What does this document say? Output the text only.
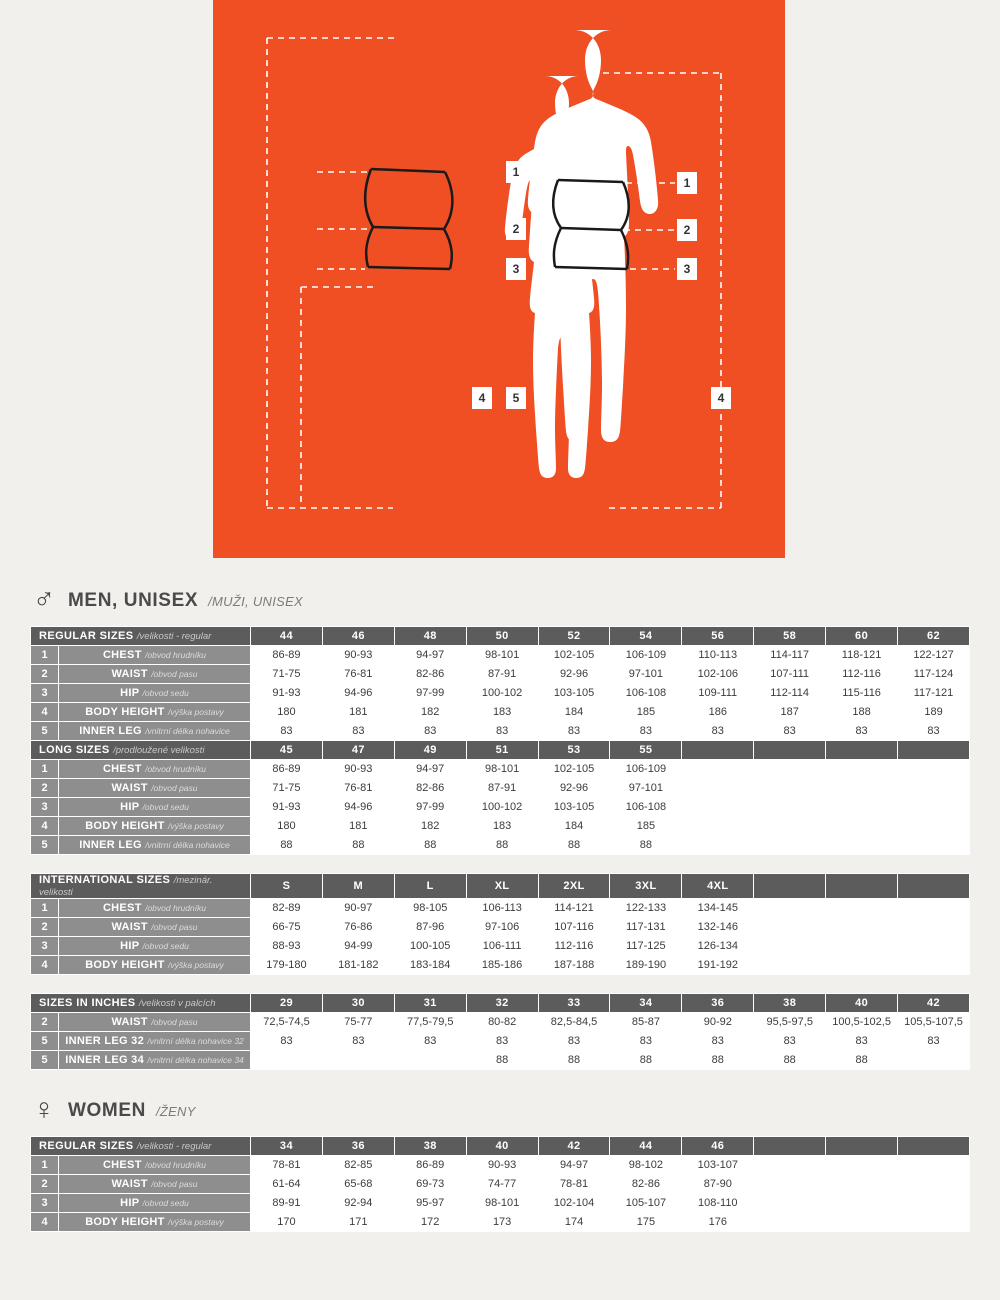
1
2
3
4	5
1
2
3
4
♂ MEN, UNISEX /MUŽI, UNISEX
REGULAR SIZES /velikosti - regular		44	46	48	50	52	54	56	58	60	62
1	CHEST /obvod hrudníku	86-89	90-93	94-97	98-101	102-105	106-109	110-113	114-117	118-121	122-127
2	WAIST /obvod pasu	71-75	76-81	82-86	87-91	92-96	97-101	102-106	107-111	112-116	117-124
3	HIP /obvod sedu	91-93	94-96	97-99	100-102	103-105	106-108	109-111	112-114	115-116	117-121
4	BODY HEIGHT /výška postavy	180	181	182	183	184	185	186	187	188	189
5	INNER LEG /vnitrní délka nohavice	83	83	83	83	83	83	83	83	83	83
LONG SIZES /prodloužené velikosti		45	47	49	51	53	55				
1	CHEST /obvod hrudníku	86-89	90-93	94-97	98-101	102-105	106-109				
2	WAIST /obvod pasu	71-75	76-81	82-86	87-91	92-96	97-101				
3	HIP /obvod sedu	91-93	94-96	97-99	100-102	103-105	106-108				
4	BODY HEIGHT /výška postavy	180	181	182	183	184	185				
5	INNER LEG /vnitrní délka nohavice	88	88	88	88	88	88				
INTERNATIONAL SIZES /mezinár. velikosti		S	M	L	XL	2XL	3XL	4XL			
1	CHEST /obvod hrudníku	82-89	90-97	98-105	106-113	114-121	122-133	134-145			
2	WAIST /obvod pasu	66-75	76-86	87-96	97-106	107-116	117-131	132-146			
3	HIP /obvod sedu	88-93	94-99	100-105	106-111	112-116	117-125	126-134			
4	BODY HEIGHT /výška postavy	179-180	181-182	183-184	185-186	187-188	189-190	191-192			
SIZES IN INCHES /velikosti v palcích		29	30	31	32	33	34	36	38	40	42
2	WAIST /obvod pasu	72,5-74,5	75-77	77,5-79,5	80-82	82,5-84,5	85-87	90-92	95,5-97,5	100,5-102,5	105,5-107,5
5	INNER LEG 32 /vnitrní délka nohavice 32	83	83	83	83	83	83	83	83	83	83
5	INNER LEG 34 /vnitrní délka nohavice 34				88	88	88	88	88	88	
♀ WOMEN /ŽENY
REGULAR SIZES /velikosti - regular		34	36	38	40	42	44	46			
1	CHEST /obvod hrudníku	78-81	82-85	86-89	90-93	94-97	98-102	103-107			
2	WAIST /obvod pasu	61-64	65-68	69-73	74-77	78-81	82-86	87-90			
3	HIP /obvod sedu	89-91	92-94	95-97	98-101	102-104	105-107	108-110			
4	BODY HEIGHT /výška postavy	170	171	172	173	174	175	176			
